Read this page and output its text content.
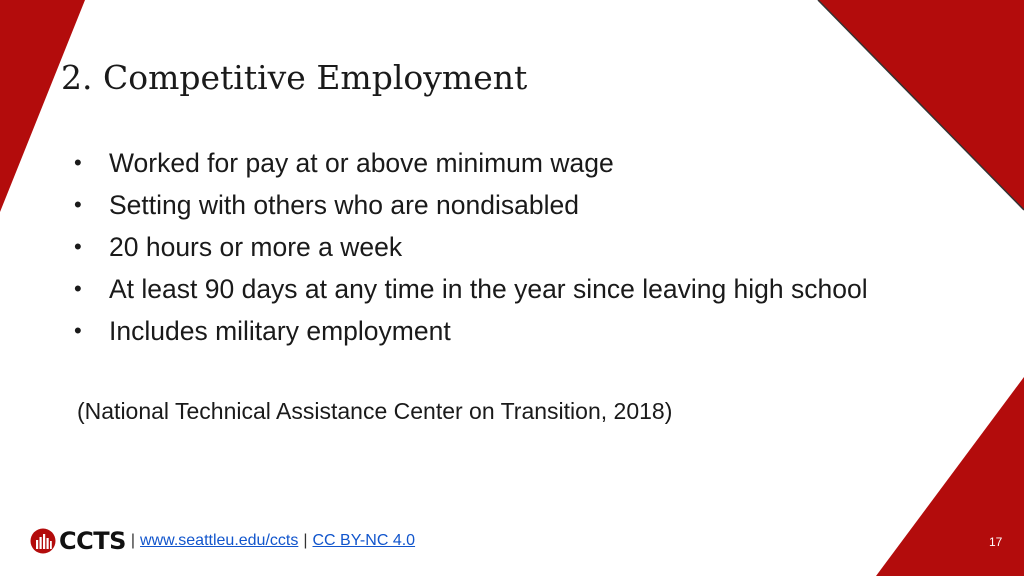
2. Competitive Employment
• Worked for pay at or above minimum wage
• Setting with others who are nondisabled
• 20 hours or more a week
• At least 90 days at any time in the year since leaving high school
• Includes military employment

(National Technical Assistance Center on Transition, 2018)

CCTS | www.seattleu.edu/ccts | CC BY-NC 4.0	17
